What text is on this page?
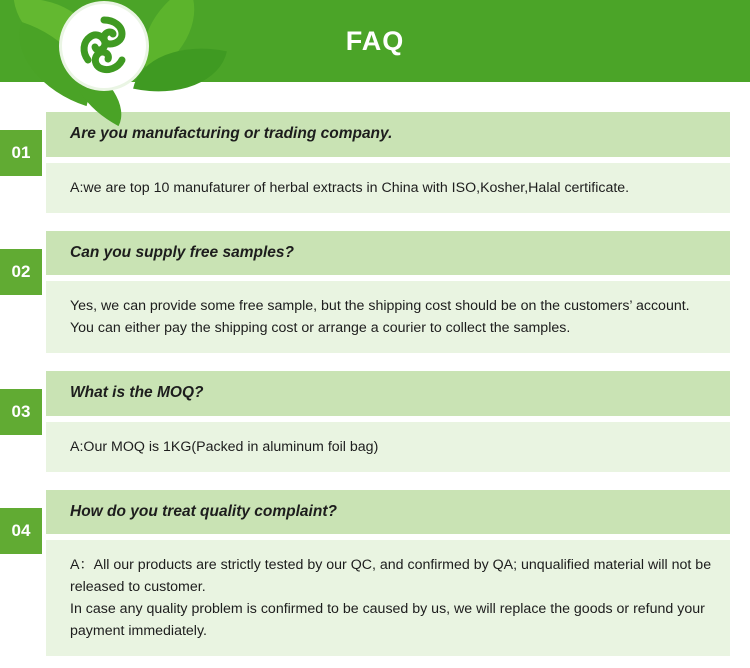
FAQ
01
Are you manufacturing or trading company.

A:we are top 10 manufaturer of herbal extracts in China with ISO,Kosher,Halal certificate.

02
Can you supply free samples?

Yes, we can provide some free sample, but the shipping cost should be on the customers’ account. You can either pay the shipping cost or arrange a courier to collect the samples.

03
What is the MOQ?

A:Our MOQ is 1KG(Packed in aluminum foil bag)

04
How do you treat quality complaint?

A：All our products are strictly tested by our QC, and confirmed by QA; unqualified material will not be released to customer.

In case any quality problem is confirmed to be caused by us, we will replace the goods or refund your payment immediately.
